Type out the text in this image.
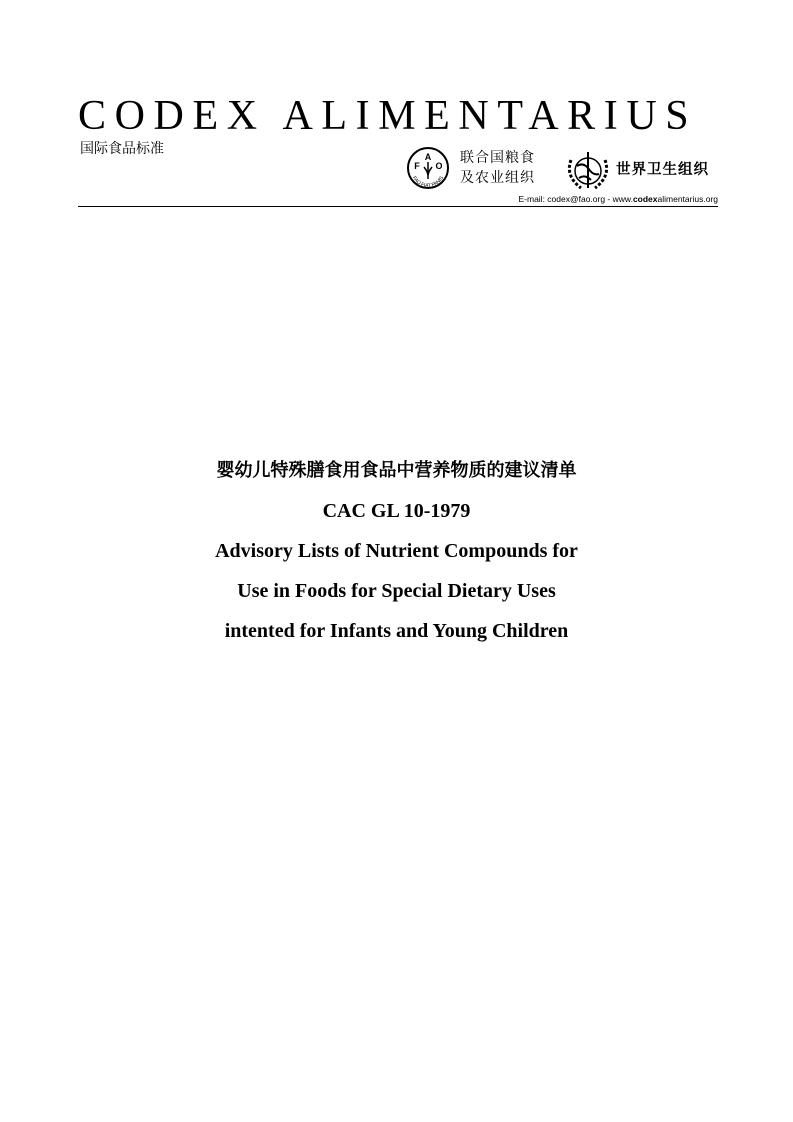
CODEX ALIMENTARIUS
国际食品标准	A
F O
FAO FIAT PANIS
联合国粮食
及农业组织	世界卫生组织
E-mail: codex@fao.org - www.codexalimentarius.org
婴幼儿特殊膳食用食品中营养物质的建议清单
CAC GL 10-1979
Advisory Lists of Nutrient Compounds for
Use in Foods for Special Dietary Uses
intented for Infants and Young Children
